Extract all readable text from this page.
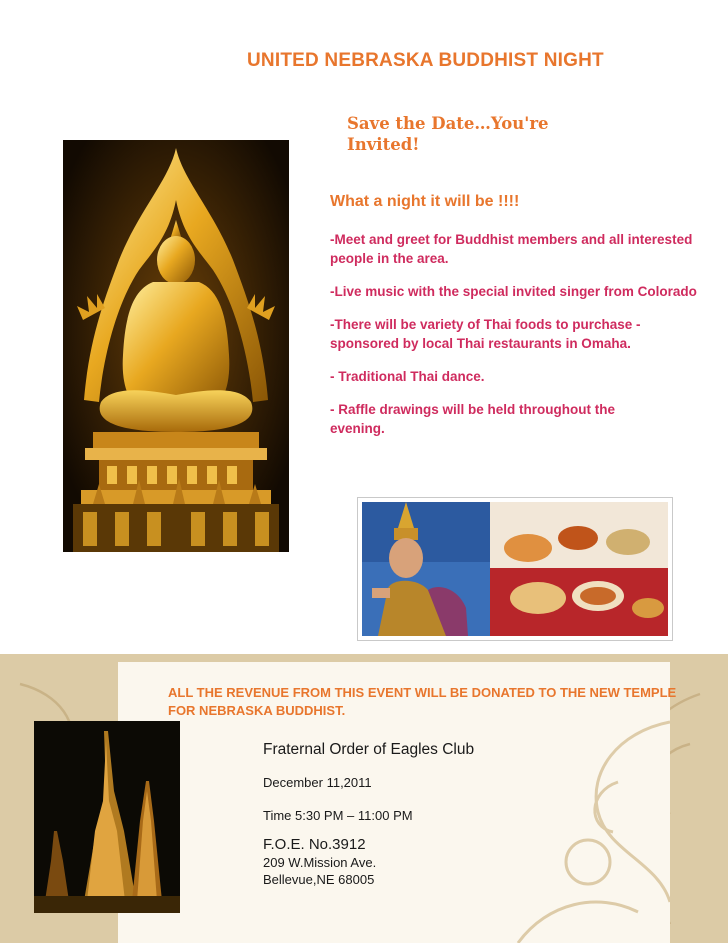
UNITED NEBRASKA BUDDHIST NIGHT
Save the Date…You're Invited!
What a night it will be !!!!

-Meet and greet for Buddhist members and all interested people in the area.

-Live music with the special invited singer from Colorado

-There will be variety of Thai foods to purchase - sponsored by local Thai restaurants in Omaha.

- Traditional Thai dance.

- Raffle drawings will be held throughout the evening.

ALL THE REVENUE FROM THIS EVENT WILL BE DONATED TO THE NEW TEMPLE FOR NEBRASKA BUDDHIST.
Fraternal Order of Eagles Club
December 11,2011
Time 5:30 PM – 11:00 PM
F.O.E. No.3912
209 W.Mission Ave.
Bellevue,NE 68005
